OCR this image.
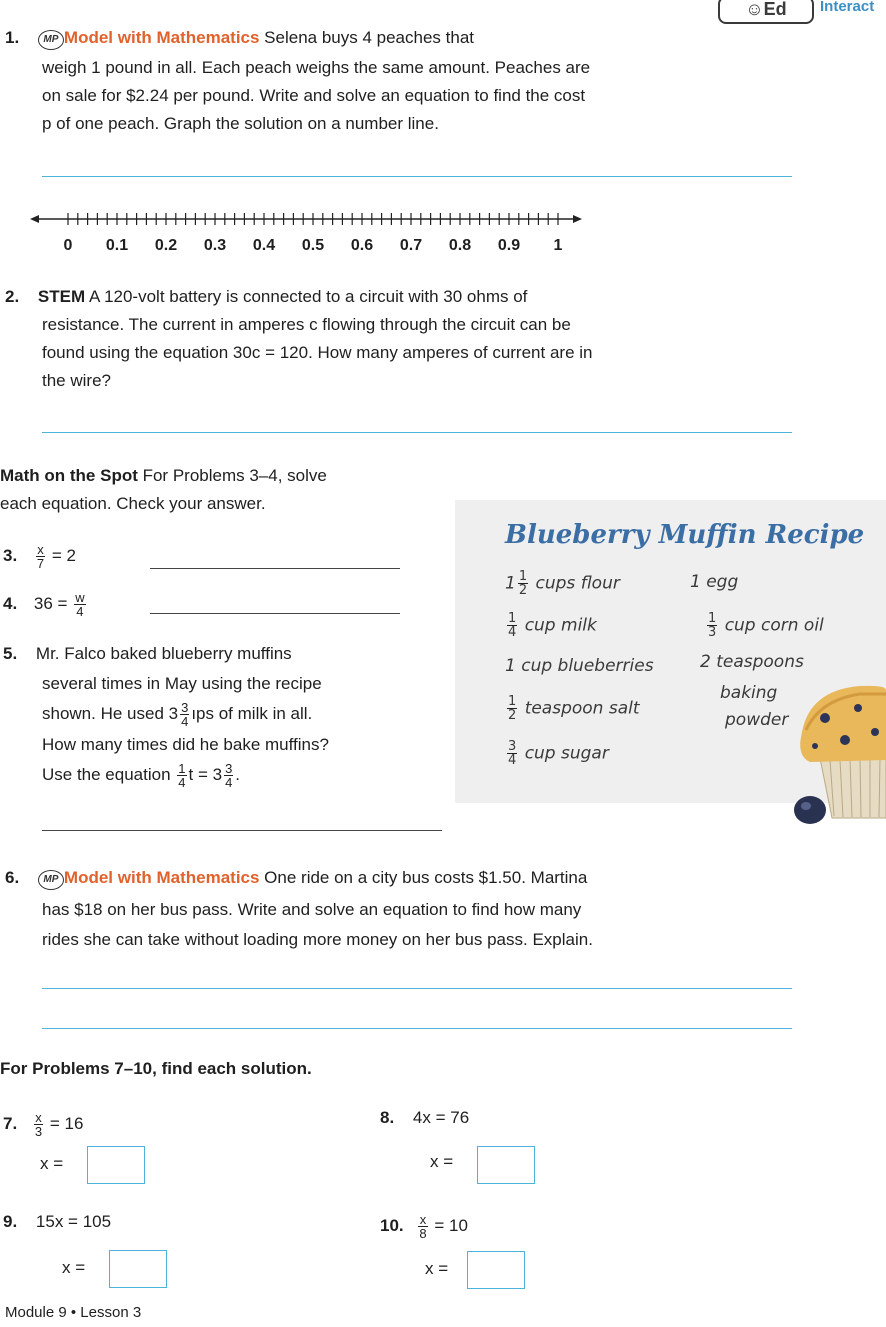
☺Ed	Interact
1. MP Model with Mathematics Selena buys 4 peaches that
weigh 1 pound in all. Each peach weighs the same amount. Peaches are
on sale for $2.24 per pound. Write and solve an equation to find the cost
p of one peach. Graph the solution on a number line.
0 0.1 0.2 0.3 0.4 0.5 0.6 0.7 0.8 0.9 1
2. STEM A 120-volt battery is connected to a circuit with 30 ohms of
resistance. The current in amperes c flowing through the circuit can be
found using the equation 30c = 120. How many amperes of current are in
the wire?
Math on the Spot For Problems 3–4, solve
each equation. Check your answer.
3. $\frac{x}{7} = 2$
4. $36 = \frac{w}{4}$
5. Mr. Falco baked blueberry muffins
several times in May using the recipe
shown. He used $3 \frac{3}{4}$ ıps of milk in all.
How many times did he bake muffins?
Use the equation $\frac{1}{4}$ $t = 3 \frac{3}{4}$ .
Blueberry Muffin Recipe
$1 \frac{1}{2}$ cups flour	1 egg
$\frac{1}{4}$ cup milk	$\frac{1}{3}$ cup corn oil
1 cup blueberries	2 teaspoons
baking
powder
$\frac{1}{2}$ teaspoon salt
$\frac{3}{4}$ cup sugar
6. MP Model with Mathematics One ride on a city bus costs $1.50. Martina
has $18 on her bus pass. Write and solve an equation to find how many
rides she can take without loading more money on her bus pass. Explain.
For Problems 7–10, find each solution.
7. $\frac{x}{3} = 16$
x =
8. 4x = 76
x =
9. 15x = 105
x =
10. $\frac{x}{8} = 10$
x =
Module 9 • Lesson 3
